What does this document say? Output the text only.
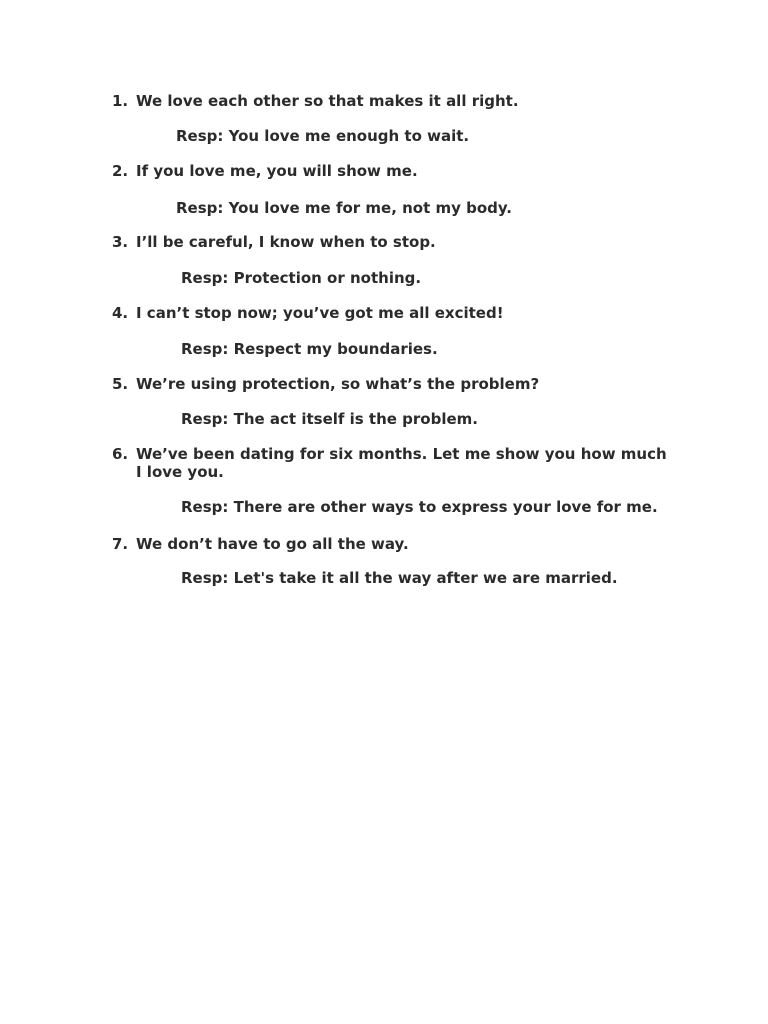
1. We love each other so that makes it all right.
Resp: You love me enough to wait.
2. If you love me, you will show me.
Resp: You love me for me, not my body.
3. I’ll be careful, I know when to stop.
Resp: Protection or nothing.
4. I can’t stop now; you’ve got me all excited!
Resp: Respect my boundaries.
5. We’re using protection, so what’s the problem?
Resp: The act itself is the problem.
6. We’ve been dating for six months. Let me show you how much I love you.
Resp: There are other ways to express your love for me.
7. We don’t have to go all the way.
Resp: Let's take it all the way after we are married.
